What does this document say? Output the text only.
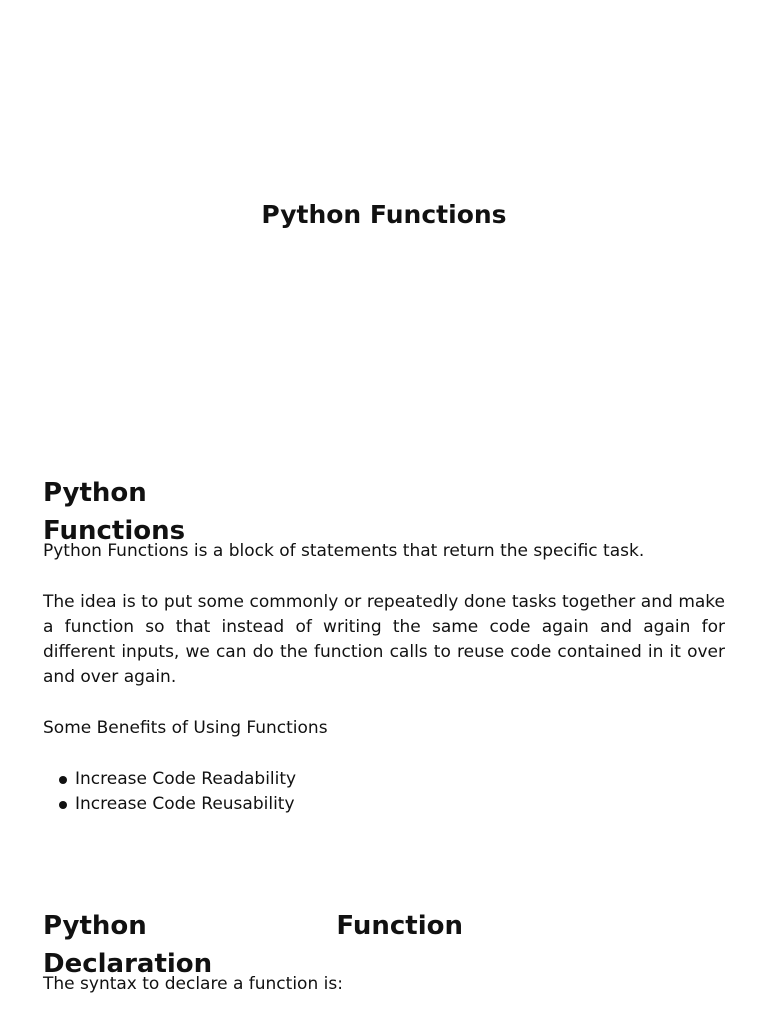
Python Functions
Python
Functions

Python Functions is a block of statements that return the specific task.

The idea is to put some commonly or repeatedly done tasks together and make a function so that instead of writing the same code again and again for different inputs, we can do the function calls to reuse code contained in it over and over again.

Some Benefits of Using Functions

Increase Code Readability
Increase Code Reusability
Python	Function
Declaration

The syntax to declare a function is:
